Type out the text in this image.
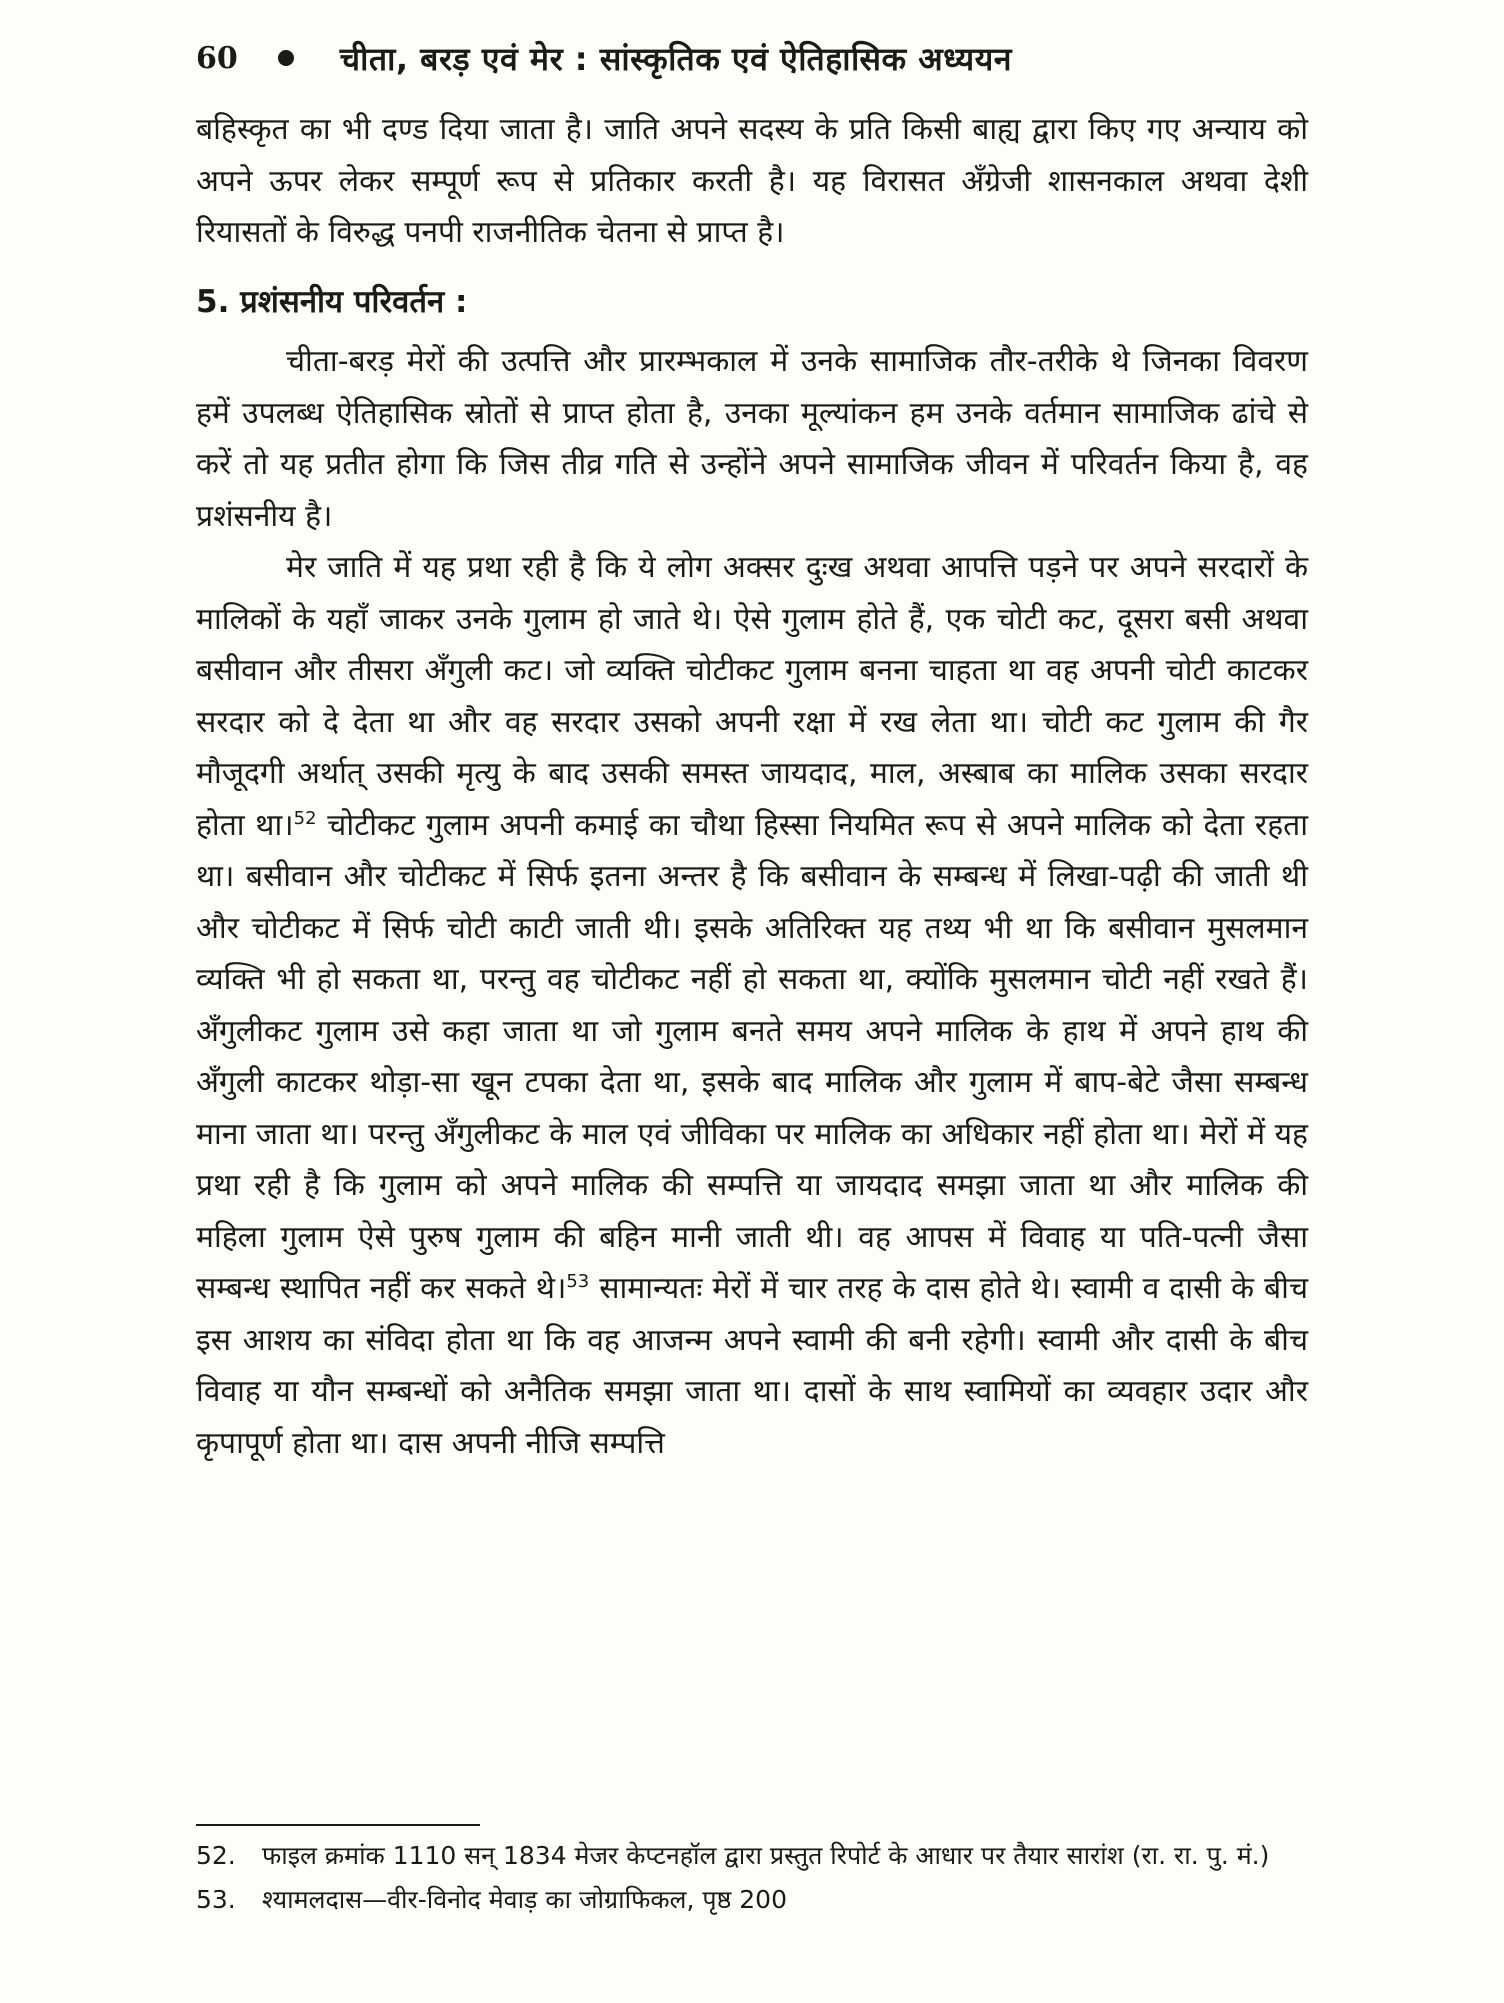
60	चीता, बरड़ एवं मेर : सांस्कृतिक एवं ऐतिहासिक अध्ययन

बहिस्कृत का भी दण्ड दिया जाता है। जाति अपने सदस्य के प्रति किसी बाह्य द्वारा किए गए अन्याय को अपने ऊपर लेकर सम्पूर्ण रूप से प्रतिकार करती है। यह विरासत अँग्रेजी शासनकाल अथवा देशी रियासतों के विरुद्ध पनपी राजनीतिक चेतना से प्राप्त है।

5. प्रशंसनीय परिवर्तन :

चीता-बरड़ मेरों की उत्पत्ति और प्रारम्भकाल में उनके सामाजिक तौर-तरीके थे जिनका विवरण हमें उपलब्ध ऐतिहासिक स्रोतों से प्राप्त होता है, उनका मूल्यांकन हम उनके वर्तमान सामाजिक ढांचे से करें तो यह प्रतीत होगा कि जिस तीव्र गति से उन्होंने अपने सामाजिक जीवन में परिवर्तन किया है, वह प्रशंसनीय है।

मेर जाति में यह प्रथा रही है कि ये लोग अक्सर दुःख अथवा आपत्ति पड़ने पर अपने सरदारों के मालिकों के यहाँ जाकर उनके गुलाम हो जाते थे। ऐसे गुलाम होते हैं, एक चोटी कट, दूसरा बसी अथवा बसीवान और तीसरा अँगुली कट। जो व्यक्ति चोटीकट गुलाम बनना चाहता था वह अपनी चोटी काटकर सरदार को दे देता था और वह सरदार उसको अपनी रक्षा में रख लेता था। चोटी कट गुलाम की गैर मौजूदगी अर्थात् उसकी मृत्यु के बाद उसकी समस्त जायदाद, माल, अस्बाब का मालिक उसका सरदार होता था।$^{52}$ चोटीकट गुलाम अपनी कमाई का चौथा हिस्सा नियमित रूप से अपने मालिक को देता रहता था। बसीवान और चोटीकट में सिर्फ इतना अन्तर है कि बसीवान के सम्बन्ध में लिखा-पढ़ी की जाती थी और चोटीकट में सिर्फ चोटी काटी जाती थी। इसके अतिरिक्त यह तथ्य भी था कि बसीवान मुसलमान व्यक्ति भी हो सकता था, परन्तु वह चोटीकट नहीं हो सकता था, क्योंकि मुसलमान चोटी नहीं रखते हैं। अँगुलीकट गुलाम उसे कहा जाता था जो गुलाम बनते समय अपने मालिक के हाथ में अपने हाथ की अँगुली काटकर थोड़ा-सा खून टपका देता था, इसके बाद मालिक और गुलाम में बाप-बेटे जैसा सम्बन्ध माना जाता था। परन्तु अँगुलीकट के माल एवं जीविका पर मालिक का अधिकार नहीं होता था। मेरों में यह प्रथा रही है कि गुलाम को अपने मालिक की सम्पत्ति या जायदाद समझा जाता था और मालिक की महिला गुलाम ऐसे पुरुष गुलाम की बहिन मानी जाती थी। वह आपस में विवाह या पति-पत्नी जैसा सम्बन्ध स्थापित नहीं कर सकते थे।$^{53}$ सामान्यतः मेरों में चार तरह के दास होते थे। स्वामी व दासी के बीच इस आशय का संविदा होता था कि वह आजन्म अपने स्वामी की बनी रहेगी। स्वामी और दासी के बीच विवाह या यौन सम्बन्धों को अनैतिक समझा जाता था। दासों के साथ स्वामियों का व्यवहार उदार और कृपापूर्ण होता था। दास अपनी नीजि सम्पत्ति

52.	फाइल क्रमांक 1110 सन् 1834 मेजर केप्टनहॉल द्वारा प्रस्तुत रिपोर्ट के आधार पर तैयार सारांश (रा. रा. पु. मं.)
53.	श्यामलदास—वीर-विनोद मेवाड़ का जोग्राफिकल, पृष्ठ 200
